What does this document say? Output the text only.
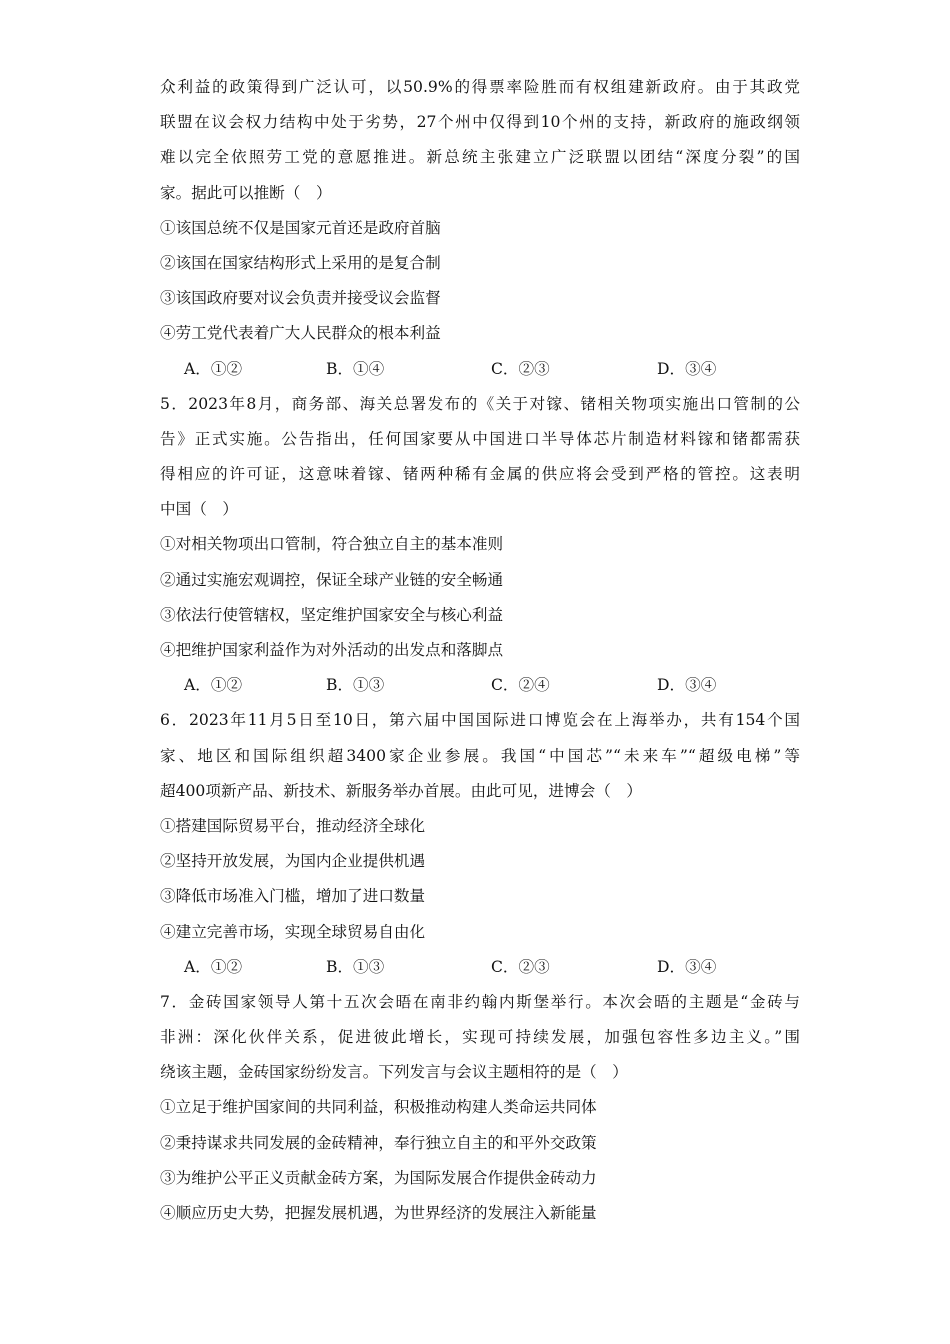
众利益的政策得到广泛认可，以50.9%的得票率险胜而有权组建新政府。由于其政党
联盟在议会权力结构中处于劣势，27个州中仅得到10个州的支持，新政府的施政纲领
难以完全依照劳工党的意愿推进。新总统主张建立广泛联盟以团结“深度分裂”的国
家。据此可以推断（　）
①该国总统不仅是国家元首还是政府首脑
②该国在国家结构形式上采用的是复合制
③该国政府要对议会负责并接受议会监督
④劳工党代表着广大人民群众的根本利益
A．①②	B．①④	C．②③	D．③④
5．2023年8月，商务部、海关总署发布的《关于对镓、锗相关物项实施出口管制的公
告》正式实施。公告指出，任何国家要从中国进口半导体芯片制造材料镓和锗都需获
得相应的许可证，这意味着镓、锗两种稀有金属的供应将会受到严格的管控。这表明
中国（　）
①对相关物项出口管制，符合独立自主的基本准则
②通过实施宏观调控，保证全球产业链的安全畅通
③依法行使管辖权，坚定维护国家安全与核心利益
④把维护国家利益作为对外活动的出发点和落脚点
A．①②	B．①③	C．②④	D．③④
6．2023年11月5日至10日，第六届中国国际进口博览会在上海举办，共有154个国
家、地区和国际组织超3400家企业参展。我国“中国芯”“未来车”“超级电梯”等
超400项新产品、新技术、新服务举办首展。由此可见，进博会（　）
①搭建国际贸易平台，推动经济全球化
②坚持开放发展，为国内企业提供机遇
③降低市场准入门槛，增加了进口数量
④建立完善市场，实现全球贸易自由化
A．①②	B．①③	C．②③	D．③④
7．金砖国家领导人第十五次会晤在南非约翰内斯堡举行。本次会晤的主题是“金砖与
非洲：深化伙伴关系，促进彼此增长，实现可持续发展，加强包容性多边主义。”围
绕该主题，金砖国家纷纷发言。下列发言与会议主题相符的是（　）
①立足于维护国家间的共同利益，积极推动构建人类命运共同体
②秉持谋求共同发展的金砖精神，奉行独立自主的和平外交政策
③为维护公平正义贡献金砖方案，为国际发展合作提供金砖动力
④顺应历史大势，把握发展机遇，为世界经济的发展注入新能量
